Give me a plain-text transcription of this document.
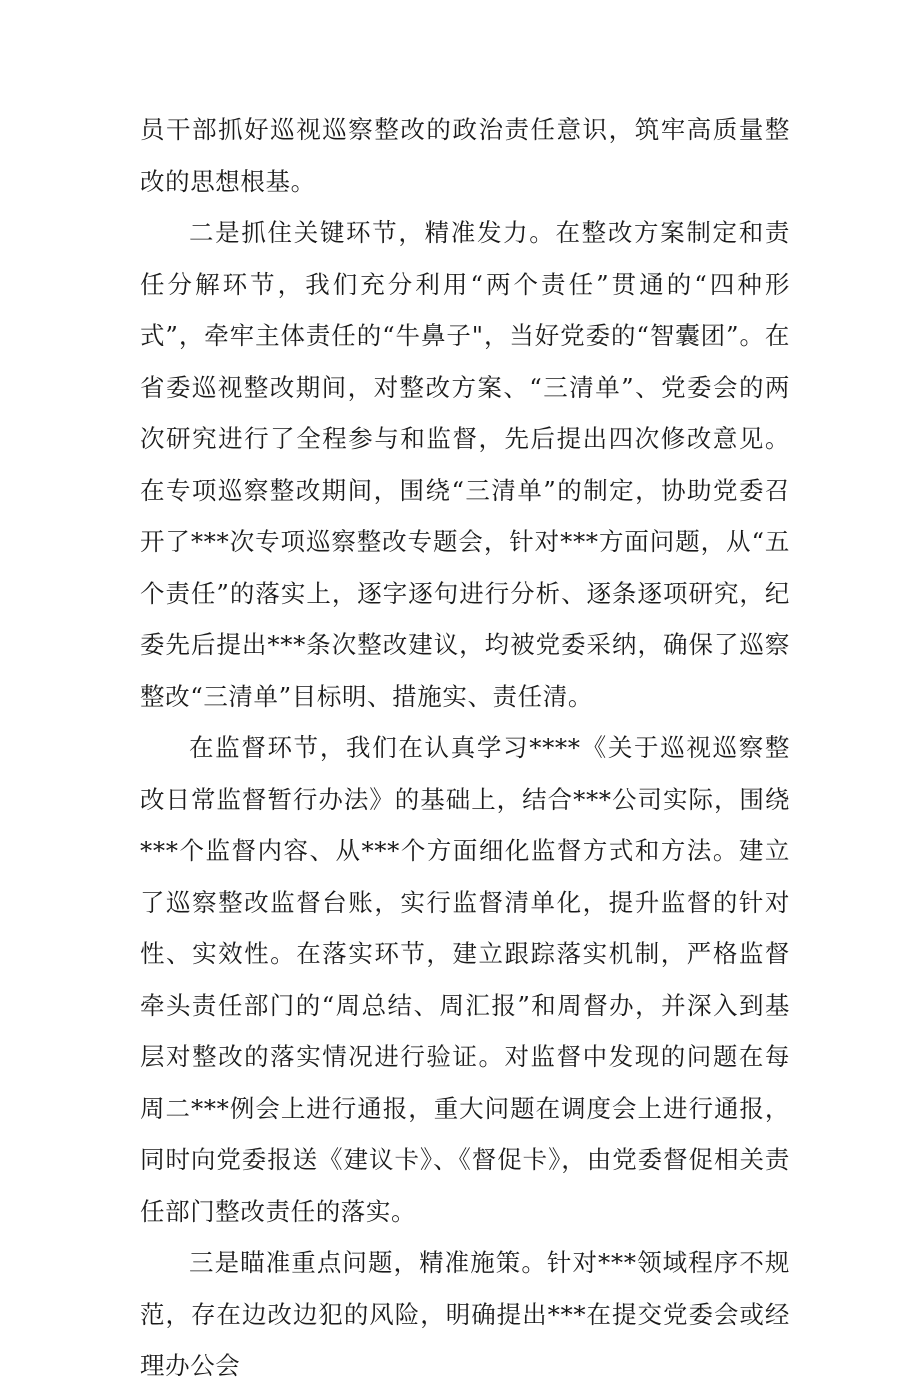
员干部抓好巡视巡察整改的政治责任意识，筑牢高质量整改的思想根基。

二是抓住关键环节，精准发力。在整改方案制定和责任分解环节，我们充分利用“两个责任”贯通的“四种形式”，牵牢主体责任的“牛鼻子"，当好党委的“智囊团”。在省委巡视整改期间，对整改方案、“三清单”、党委会的两次研究进行了全程参与和监督，先后提出四次修改意见。在专项巡察整改期间，围绕“三清单”的制定，协助党委召开了***次专项巡察整改专题会，针对***方面问题，从“五个责任”的落实上，逐字逐句进行分析、逐条逐项研究，纪委先后提出***条次整改建议，均被党委采纳，确保了巡察整改“三清单”目标明、措施实、责任清。

在监督环节，我们在认真学习****《关于巡视巡察整改日常监督暂行办法》的基础上，结合***公司实际，围绕***个监督内容、从***个方面细化监督方式和方法。建立了巡察整改监督台账，实行监督清单化，提升监督的针对性、实效性。在落实环节，建立跟踪落实机制，严格监督牵头责任部门的“周总结、周汇报”和周督办，并深入到基层对整改的落实情况进行验证。对监督中发现的问题在每周二***例会上进行通报，重大问题在调度会上进行通报，同时向党委报送《建议卡》、《督促卡》，由党委督促相关责任部门整改责任的落实。

三是瞄准重点问题，精准施策。针对***领域程序不规范，存在边改边犯的风险，明确提出***在提交党委会或经理办公会
